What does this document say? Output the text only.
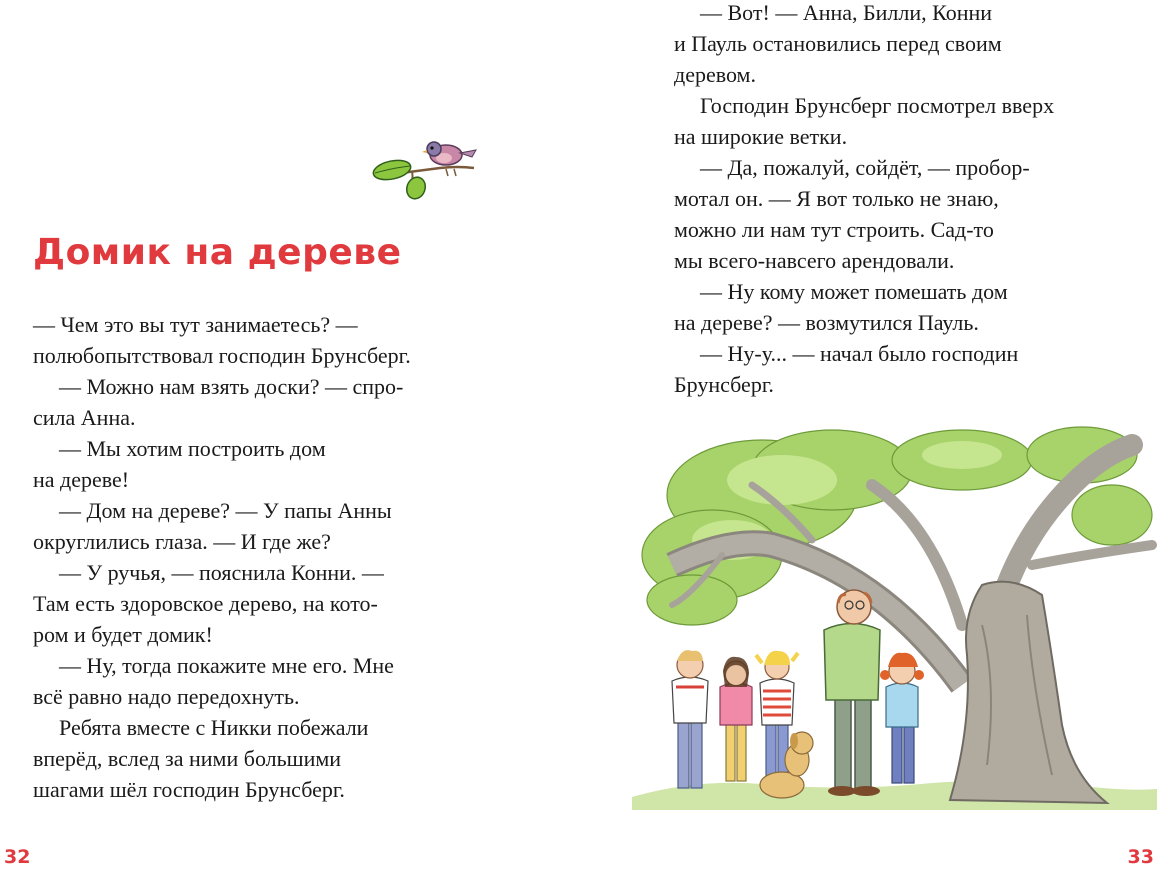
Домик на дереве
— Чем это вы тут занимаетесь? —
полюбопытствовал господин Брунсберг.
— Можно нам взять доски? — спро-
сила Анна.
— Мы хотим построить дом
на дереве!
— Дом на дереве? — У папы Анны
округлились глаза. — И где же?
— У ручья, — пояснила Конни. —
Там есть здоровское дерево, на кото-
ром и будет домик!
— Ну, тогда покажите мне его. Мне
всё равно надо передохнуть.
Ребята вместе с Никки побежали
вперёд, вслед за ними большими
шагами шёл господин Брунсберг.
32
— Вот! — Анна, Билли, Конни
и Пауль остановились перед своим
деревом.
Господин Брунсберг посмотрел вверх
на широкие ветки.
— Да, пожалуй, сойдёт, — пробор-
мотал он. — Я вот только не знаю,
можно ли нам тут строить. Сад-то
мы всего-навсего арендовали.
— Ну кому может помешать дом
на дереве? — возмутился Пауль.
— Ну-у... — начал было господин
Брунсберг.
33
